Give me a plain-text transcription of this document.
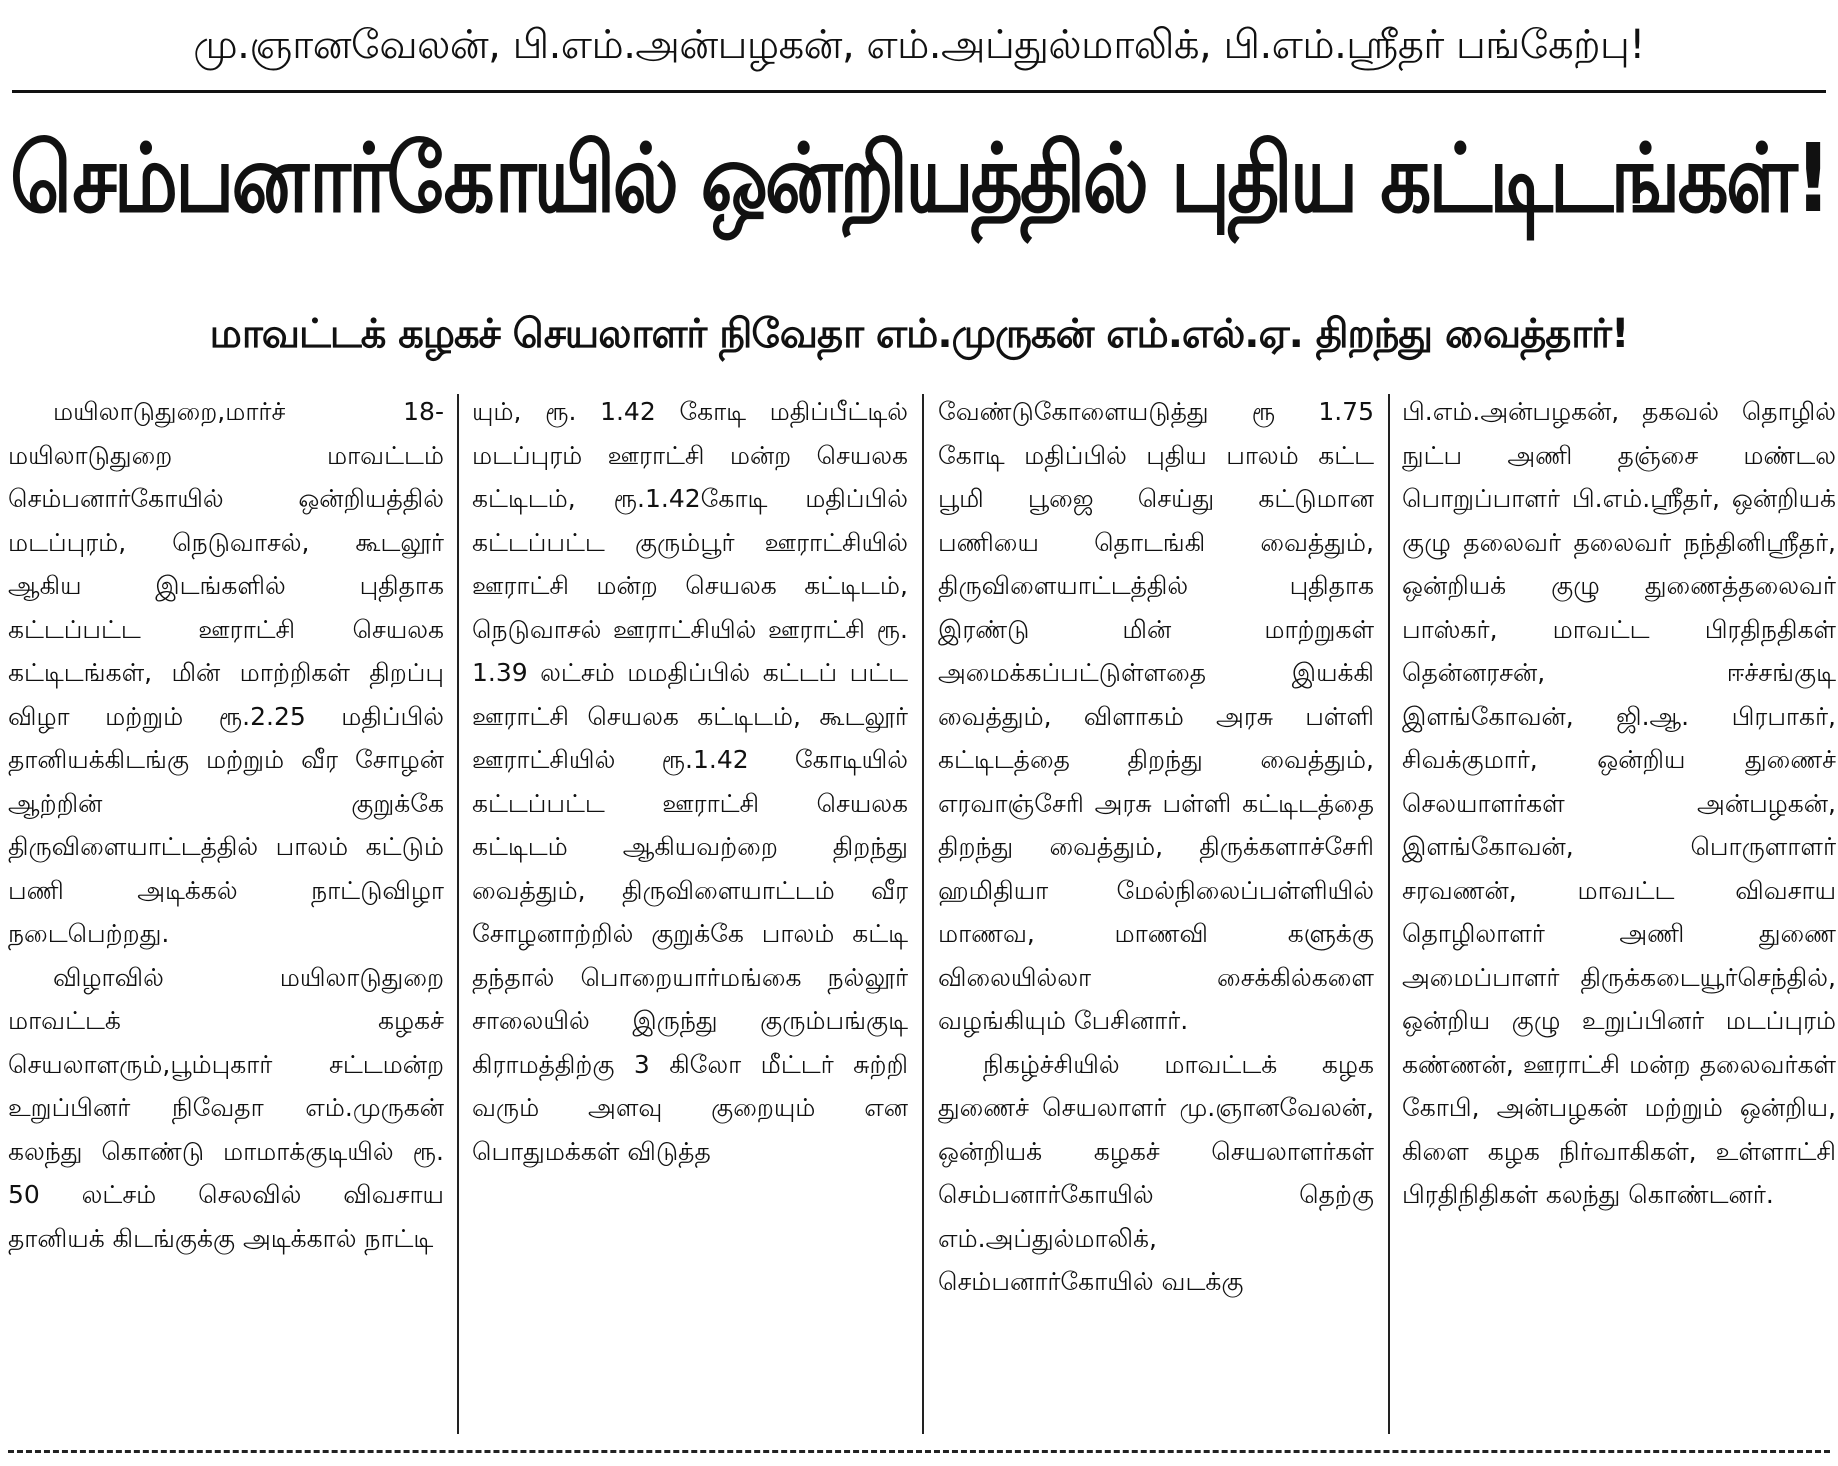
மு.ஞானவேலன், பி.எம்.அன்பழகன், எம்.அப்துல்மாலிக், பி.எம்.ஸ்ரீதர் பங்கேற்பு!
செம்பனார்கோயில் ஒன்றியத்தில் புதிய கட்டிடங்கள்!
மாவட்டக் கழகச் செயலாளர் நிவேதா எம்.முருகன் எம்.எல்.ஏ. திறந்து வைத்தார்!

மயிலாடுதுறை,மார்ச் 18- மயிலாடுதுறை மாவட்டம் செம்பனார்கோயில் ஒன்றியத்தில் மடப்புரம், நெடுவாசல், கூடலூர் ஆகிய இடங்களில் புதிதாக கட்டப்பட்ட ஊராட்சி செயலக கட்டிடங்கள், மின் மாற்றிகள் திறப்பு விழா மற்றும் ரூ.2.25 மதிப்பில் தானியக்கிடங்கு மற்றும் வீர சோழன் ஆற்றின் குறுக்கே திருவிளையாட்டத்தில் பாலம் கட்டும் பணி அடிக்கல் நாட்டுவிழா நடைபெற்றது.

விழாவில் மயிலாடுதுறை மாவட்டக் கழகச் செயலாளரும்,பூம்புகார் சட்டமன்ற உறுப்பினர் நிவேதா எம்.முருகன் கலந்து கொண்டு மாமாக்குடியில் ரூ. 50 லட்சம் செலவில் விவசாய தானியக் கிடங்குக்கு அடிக்கால் நாட்டி

யும், ரூ. 1.42 கோடி மதிப்பீட்டில் மடப்புரம் ஊராட்சி மன்ற செயலக கட்டிடம், ரூ.1.42கோடி மதிப்பில் கட்டப்பட்ட குரும்பூர் ஊராட்சியில் ஊராட்சி மன்ற செயலக கட்டிடம், நெடுவாசல் ஊராட்சியில் ஊராட்சி ரூ. 1.39 லட்சம் மமதிப்பில் கட்டப் பட்ட ஊராட்சி செயலக கட்டிடம், கூடலூர் ஊராட்சியில் ரூ.1.42 கோடியில் கட்டப்பட்ட ஊராட்சி செயலக கட்டிடம் ஆகியவற்றை திறந்து வைத்தும், திருவிளையாட்டம் வீர சோழனாற்றில் குறுக்கே பாலம் கட்டி தந்தால் பொறையார்மங்கை நல்லூர் சாலையில் இருந்து குரும்பங்குடி கிராமத்திற்கு 3 கிலோ மீட்டர் சுற்றி வரும் அளவு குறையும் என பொதுமக்கள் விடுத்த

வேண்டுகோளையடுத்து ரூ 1.75 கோடி மதிப்பில் புதிய பாலம் கட்ட பூமி பூஜை செய்து கட்டுமான பணியை தொடங்கி வைத்தும், திருவிளையாட்டத்தில் புதிதாக இரண்டு மின் மாற்றுகள் அமைக்கப்பட்டுள்ளதை இயக்கி வைத்தும், விளாகம் அரசு பள்ளி கட்டிடத்தை திறந்து வைத்தும், எரவாஞ்சேரி அரசு பள்ளி கட்டிடத்தை திறந்து வைத்தும், திருக்களாச்சேரி ஹமிதியா மேல்நிலைப்பள்ளியில் மாணவ, மாணவி களுக்கு விலையில்லா சைக்கில்களை வழங்கியும் பேசினார்.

நிகழ்ச்சியில் மாவட்டக் கழக துணைச் செயலாளர் மு.ஞானவேலன், ஒன்றியக் கழகச் செயலாளர்கள் செம்பனார்கோயில் தெற்கு எம்.அப்துல்மாலிக், செம்பனார்கோயில் வடக்கு

பி.எம்.அன்பழகன், தகவல் தொழில் நுட்ப அணி தஞ்சை மண்டல பொறுப்பாளர் பி.எம்.ஸ்ரீதர், ஒன்றியக் குழு தலைவர் தலைவர் நந்தினிஸ்ரீதர், ஒன்றியக் குழு துணைத்தலைவர் பாஸ்கர், மாவட்ட பிரதிநதிகள் தென்னரசன், ஈச்சங்குடி இளங்கோவன், ஜி.ஆ. பிரபாகர், சிவக்குமார், ஒன்றிய துணைச் செலயாளர்கள் அன்பழகன், இளங்கோவன், பொருளாளர் சரவணன், மாவட்ட விவசாய தொழிலாளர் அணி துணை அமைப்பாளர் திருக்கடையூர்செந்தில், ஒன்றிய குழு உறுப்பினர் மடப்புரம் கண்ணன், ஊராட்சி மன்ற தலைவர்கள் கோபி, அன்பழகன் மற்றும் ஒன்றிய, கிளை கழக நிர்வாகிகள், உள்ளாட்சி பிரதிநிதிகள் கலந்து கொண்டனர்.
